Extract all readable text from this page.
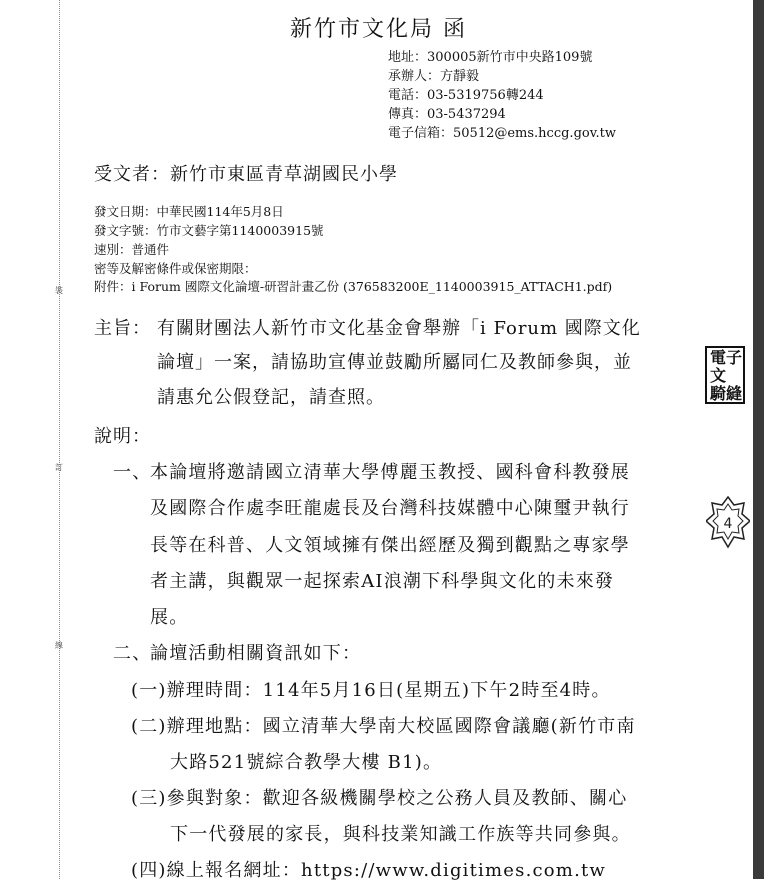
裝
訂
線
新竹市文化局 函
地址：300005新竹市中央路109號
承辦人：方靜毅
電話：03-5319756轉244
傳真：03-5437294
電子信箱：50512@ems.hccg.gov.tw
受文者：新竹市東區青草湖國民小學
發文日期：中華民國114年5月8日
發文字號：竹市文藝字第1140003915號
速別：普通件
密等及解密條件或保密期限：
附件：i Forum 國際文化論壇-研習計畫乙份 (376583200E_1140003915_ATTACH1.pdf)
主旨： 有關財團法人新竹市文化基金會舉辦「i Forum 國際文化
論壇」一案，請協助宣傳並鼓勵所屬同仁及教師參與，並
請惠允公假登記，請查照。
說明：
一、
本論壇將邀請國立清華大學傅麗玉教授、國科會科教發展
及國際合作處李旺龍處長及台灣科技媒體中心陳璽尹執行
長等在科普、人文領域擁有傑出經歷及獨到觀點之專家學
者主講，與觀眾一起探索AI浪潮下科學與文化的未來發
展。
二、
論壇活動相關資訊如下：
(一)辦理時間：114年5月16日(星期五)下午2時至4時。
(二)辦理地點：國立清華大學南大校區國際會議廳(新竹市南
大路521號綜合教學大樓 B1)。
(三)參與對象：歡迎各級機關學校之公務人員及教師、關心
下一代發展的家長，與科技業知識工作族等共同參與。
(四)線上報名網址：https://www.digitimes.com.tw
電子文 騎縫
4
